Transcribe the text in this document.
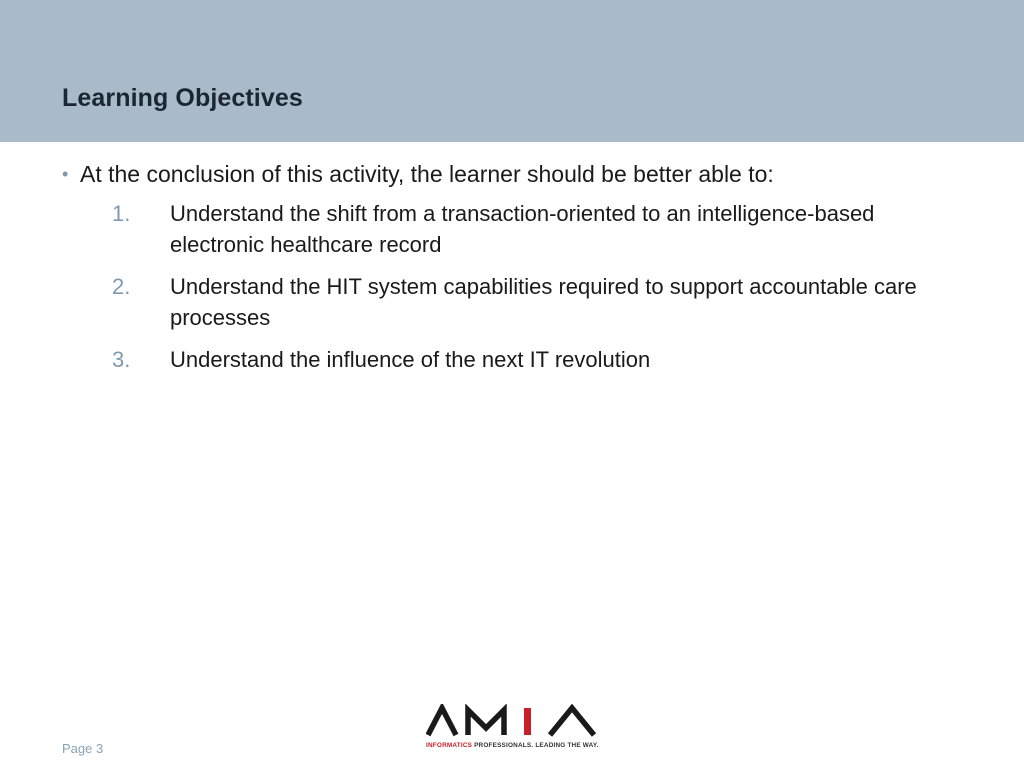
Learning Objectives
• At the conclusion of this activity, the learner should be better able to:
1.	Understand the shift from a transaction-oriented to an intelligence-based electronic healthcare record
2.	Understand the HIT system capabilities required to support accountable care processes
3.	Understand the influence of the next IT revolution
Page 3	INFORMATICS PROFESSIONALS. LEADING THE WAY.
